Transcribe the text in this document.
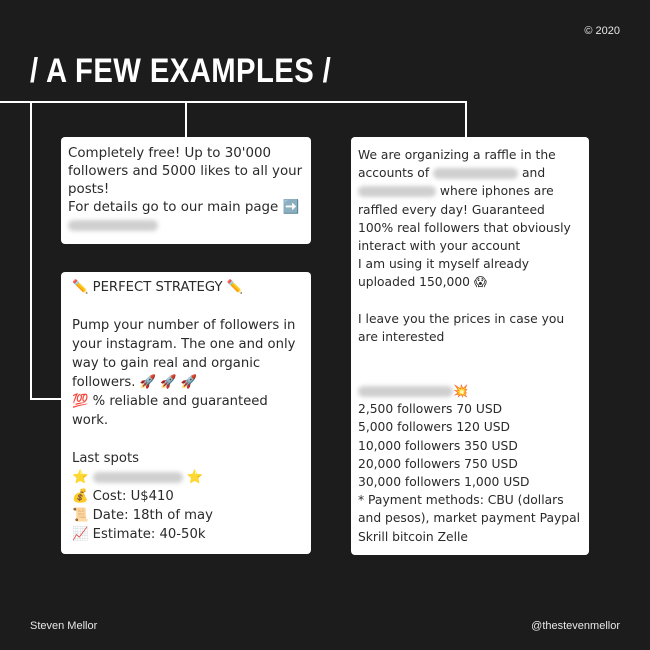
© 2020
/ A FEW EXAMPLES /

Completely free! Up to 30'000 followers and 5000 likes to all your posts!

For details go to our main page ➡️

✏️ PERFECT STRATEGY ✏️

Pump your number of followers in your instagram. The one and only way to gain real and organic followers. 🚀 🚀 🚀

💯 % reliable and guaranteed work.

Last spots

⭐	⭐

💰 Cost: U$410

📜 Date: 18th of may

📈 Estimate: 40-50k

We are organizing a raffle in the accounts of	and  where iphones are raffled every day! Guaranteed 100% real followers that obviously interact with your account

I am using it myself already uploaded 150,000 😱

I leave you the prices in case you are interested

💥

2,500 followers 70 USD

5,000 followers 120 USD

10,000 followers 350 USD

20,000 followers 750 USD

30,000 followers 1,000 USD

* Payment methods: CBU (dollars and pesos), market payment Paypal Skrill bitcoin Zelle

Steven Mellor	@thestevenmellor
